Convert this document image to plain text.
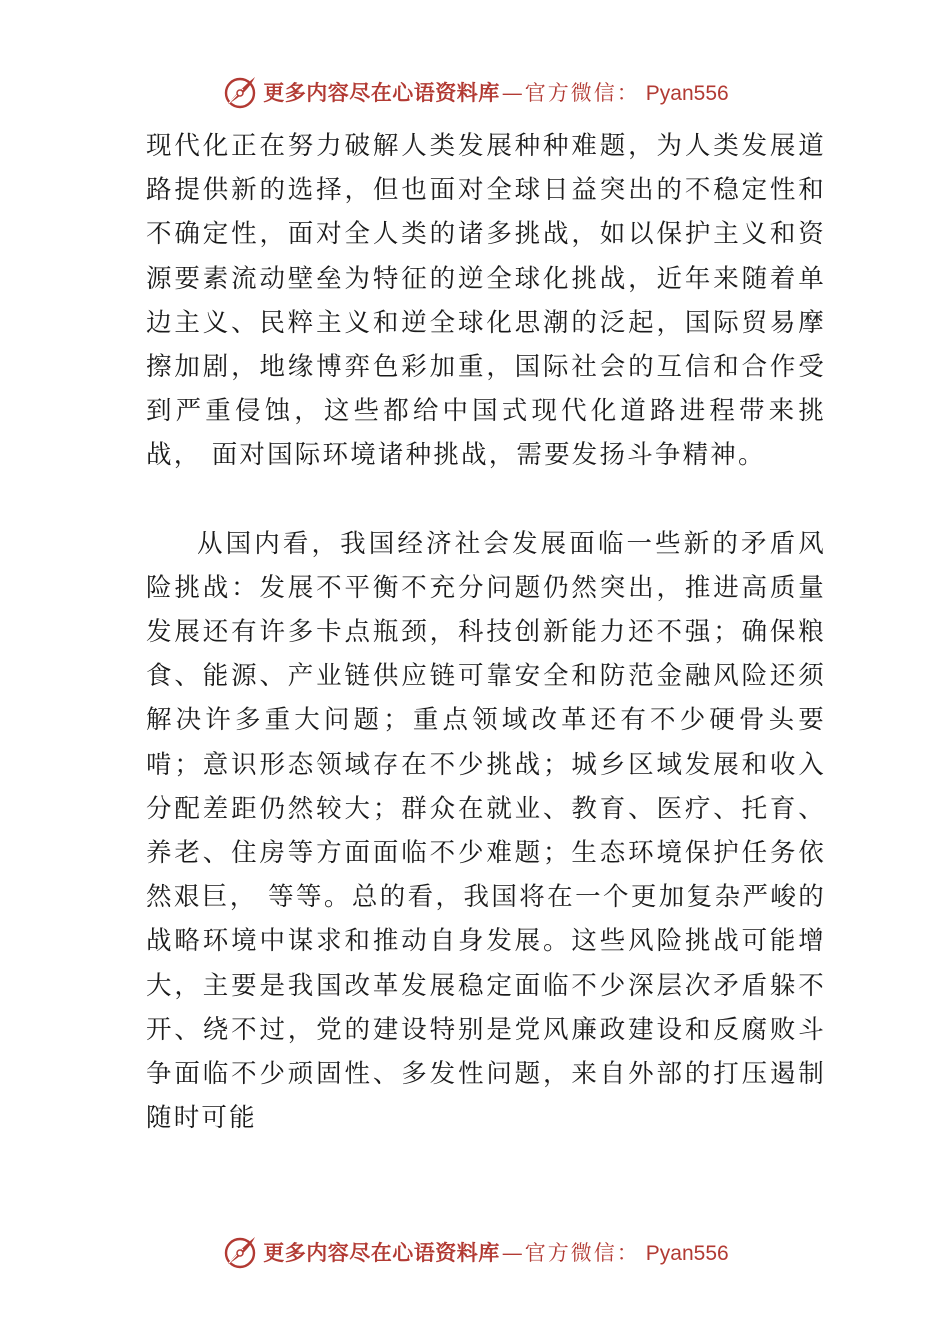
更多内容尽在心语资料库 — 官方微信： Pyan556

现代化正在努力破解人类发展种种难题，为人类发展道路提供新的选择，但也面对全球日益突出的不稳定性和不确定性，面对全人类的诸多挑战，如以保护主义和资源要素流动壁垒为特征的逆全球化挑战，近年来随着单边主义、民粹主义和逆全球化思潮的泛起，国际贸易摩擦加剧，地缘博弈色彩加重，国际社会的互信和合作受到严重侵蚀，这些都给中国式现代化道路进程带来挑战， 面对国际环境诸种挑战，需要发扬斗争精神。

从国内看，我国经济社会发展面临一些新的矛盾风险挑战：发展不平衡不充分问题仍然突出，推进高质量发展还有许多卡点瓶颈，科技创新能力还不强；确保粮食、能源、产业链供应链可靠安全和防范金融风险还须解决许多重大问题；重点领域改革还有不少硬骨头要啃；意识形态领域存在不少挑战；城乡区域发展和收入分配差距仍然较大；群众在就业、教育、医疗、托育、养老、住房等方面面临不少难题；生态环境保护任务依然艰巨， 等等。总的看，我国将在一个更加复杂严峻的战略环境中谋求和推动自身发展。这些风险挑战可能增大，主要是我国改革发展稳定面临不少深层次矛盾躲不开、绕不过，党的建设特别是党风廉政建设和反腐败斗争面临不少顽固性、多发性问题，来自外部的打压遏制随时可能

更多内容尽在心语资料库 — 官方微信： Pyan556
